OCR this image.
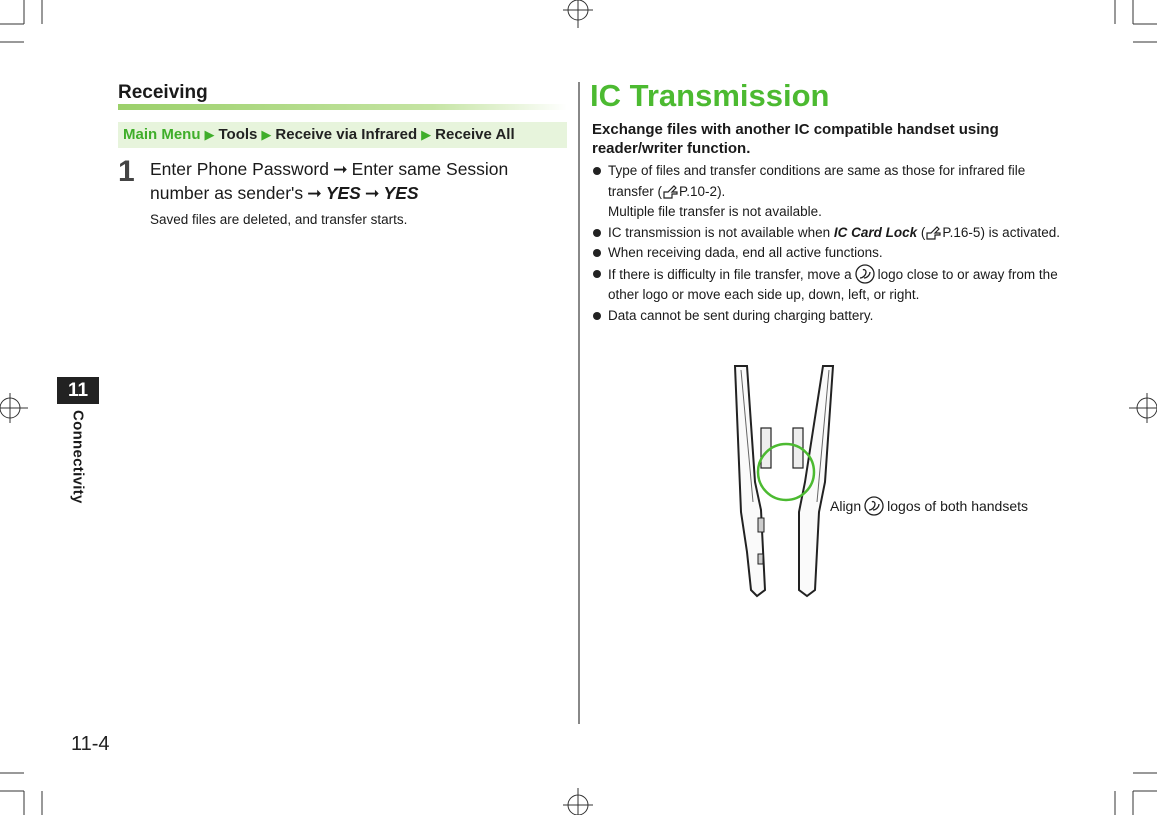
11
Connectivity
11-4
Receiving
Main Menu ▶ Tools ▶ Receive via Infrared ▶ Receive All
1 Enter Phone Password ➞ Enter same Session number as sender's ➞ YES ➞ YES
Saved files are deleted, and transfer starts.
IC Transmission
Exchange files with another IC compatible handset using reader/writer function.
Type of files and transfer conditions are same as those for infrared file transfer ( P.10-2).
Multiple file transfer is not available.
IC transmission is not available when IC Card Lock ( P.16-5) is activated.
When receiving dada, end all active functions.
If there is difficulty in file transfer, move a logo close to or away from the other logo or move each side up, down, left, or right.
Data cannot be sent during charging battery.
Align logos of both handsets
